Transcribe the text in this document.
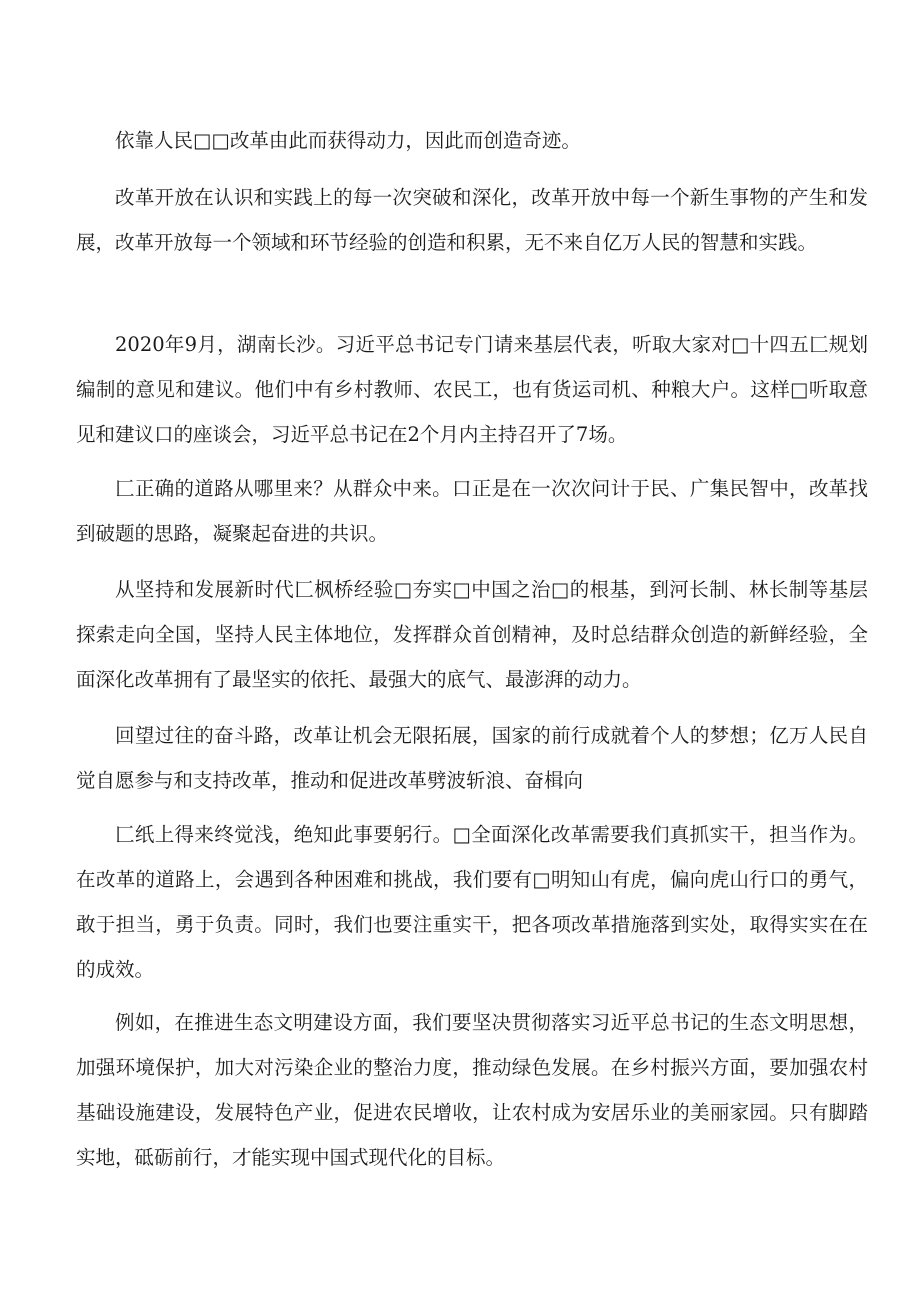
依靠人民□□改革由此而获得动力，因此而创造奇迹。

改革开放在认识和实践上的每一次突破和深化，改革开放中每一个新生事物的产生和发展，改革开放每一个领域和环节经验的创造和积累，无不来自亿万人民的智慧和实践。

2020年9月，湖南长沙。习近平总书记专门请来基层代表，听取大家对□十四五匚规划编制的意见和建议。他们中有乡村教师、农民工，也有货运司机、种粮大户。这样□听取意见和建议口的座谈会，习近平总书记在2个月内主持召开了7场。

匚正确的道路从哪里来？从群众中来。口正是在一次次问计于民、广集民智中，改革找到破题的思路，凝聚起奋进的共识。

从坚持和发展新时代匚枫桥经验□夯实□中国之治□的根基，到河长制、林长制等基层探索走向全国，坚持人民主体地位，发挥群众首创精神，及时总结群众创造的新鲜经验，全面深化改革拥有了最坚实的依托、最强大的底气、最澎湃的动力。

回望过往的奋斗路，改革让机会无限拓展，国家的前行成就着个人的梦想；亿万人民自觉自愿参与和支持改革，推动和促进改革劈波斩浪、奋楫向

匚纸上得来终觉浅，绝知此事要躬行。□全面深化改革需要我们真抓实干，担当作为。在改革的道路上，会遇到各种困难和挑战，我们要有□明知山有虎，偏向虎山行口的勇气，敢于担当，勇于负责。同时，我们也要注重实干，把各项改革措施落到实处，取得实实在在的成效。

例如，在推进生态文明建设方面，我们要坚决贯彻落实习近平总书记的生态文明思想，加强环境保护，加大对污染企业的整治力度，推动绿色发展。在乡村振兴方面，要加强农村基础设施建设，发展特色产业，促进农民增收，让农村成为安居乐业的美丽家园。只有脚踏实地，砥砺前行，才能实现中国式现代化的目标。
